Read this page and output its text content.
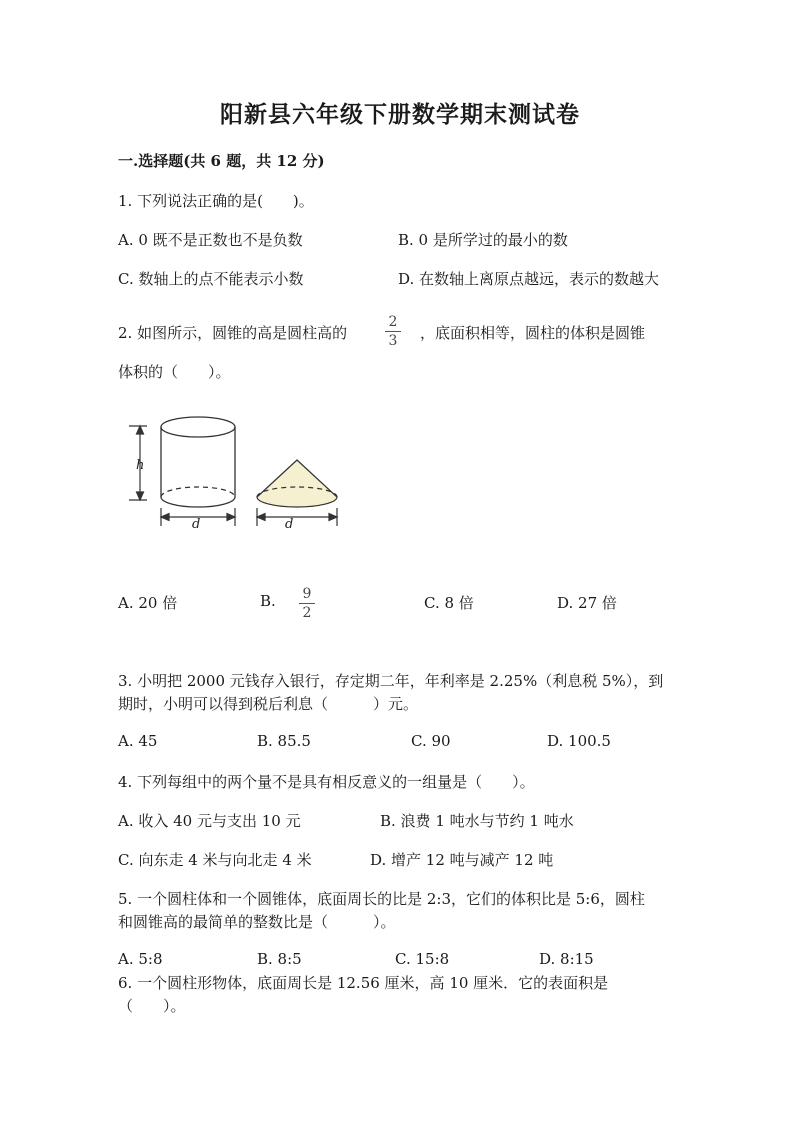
阳新县六年级下册数学期末测试卷
一.选择题(共 6 题，共 12 分)
1. 下列说法正确的是(　　)。
A. 0 既不是正数也不是负数	B. 0 是所学过的最小的数
C. 数轴上的点不能表示小数	D. 在数轴上离原点越远，表示的数越大
2. 如图所示，圆锥的高是圆柱高的
2
3 ，底面积相等，圆柱的体积是圆锥
体积的（　　）。
h
d	d
A. 20 倍	B. 9
2
C. 8 倍	D. 27 倍
3. 小明把 2000 元钱存入银行，存定期二年，年利率是 2.25%（利息税 5%），到
期时，小明可以得到税后利息（　　　）元。
A. 45	B. 85.5	C. 90	D. 100.5
4. 下列每组中的两个量不是具有相反意义的一组量是（　　）。
A. 收入 40 元与支出 10 元	B. 浪费 1 吨水与节约 1 吨水
C. 向东走 4 米与向北走 4 米	D. 增产 12 吨与减产 12 吨
5. 一个圆柱体和一个圆锥体，底面周长的比是 2:3，它们的体积比是 5:6，圆柱
和圆锥高的最简单的整数比是（　　　）。
A. 5:8	B. 8:5	C. 15:8	D. 8:15
6. 一个圆柱形物体，底面周长是 12.56 厘米，高 10 厘米．它的表面积是
（　　）。
